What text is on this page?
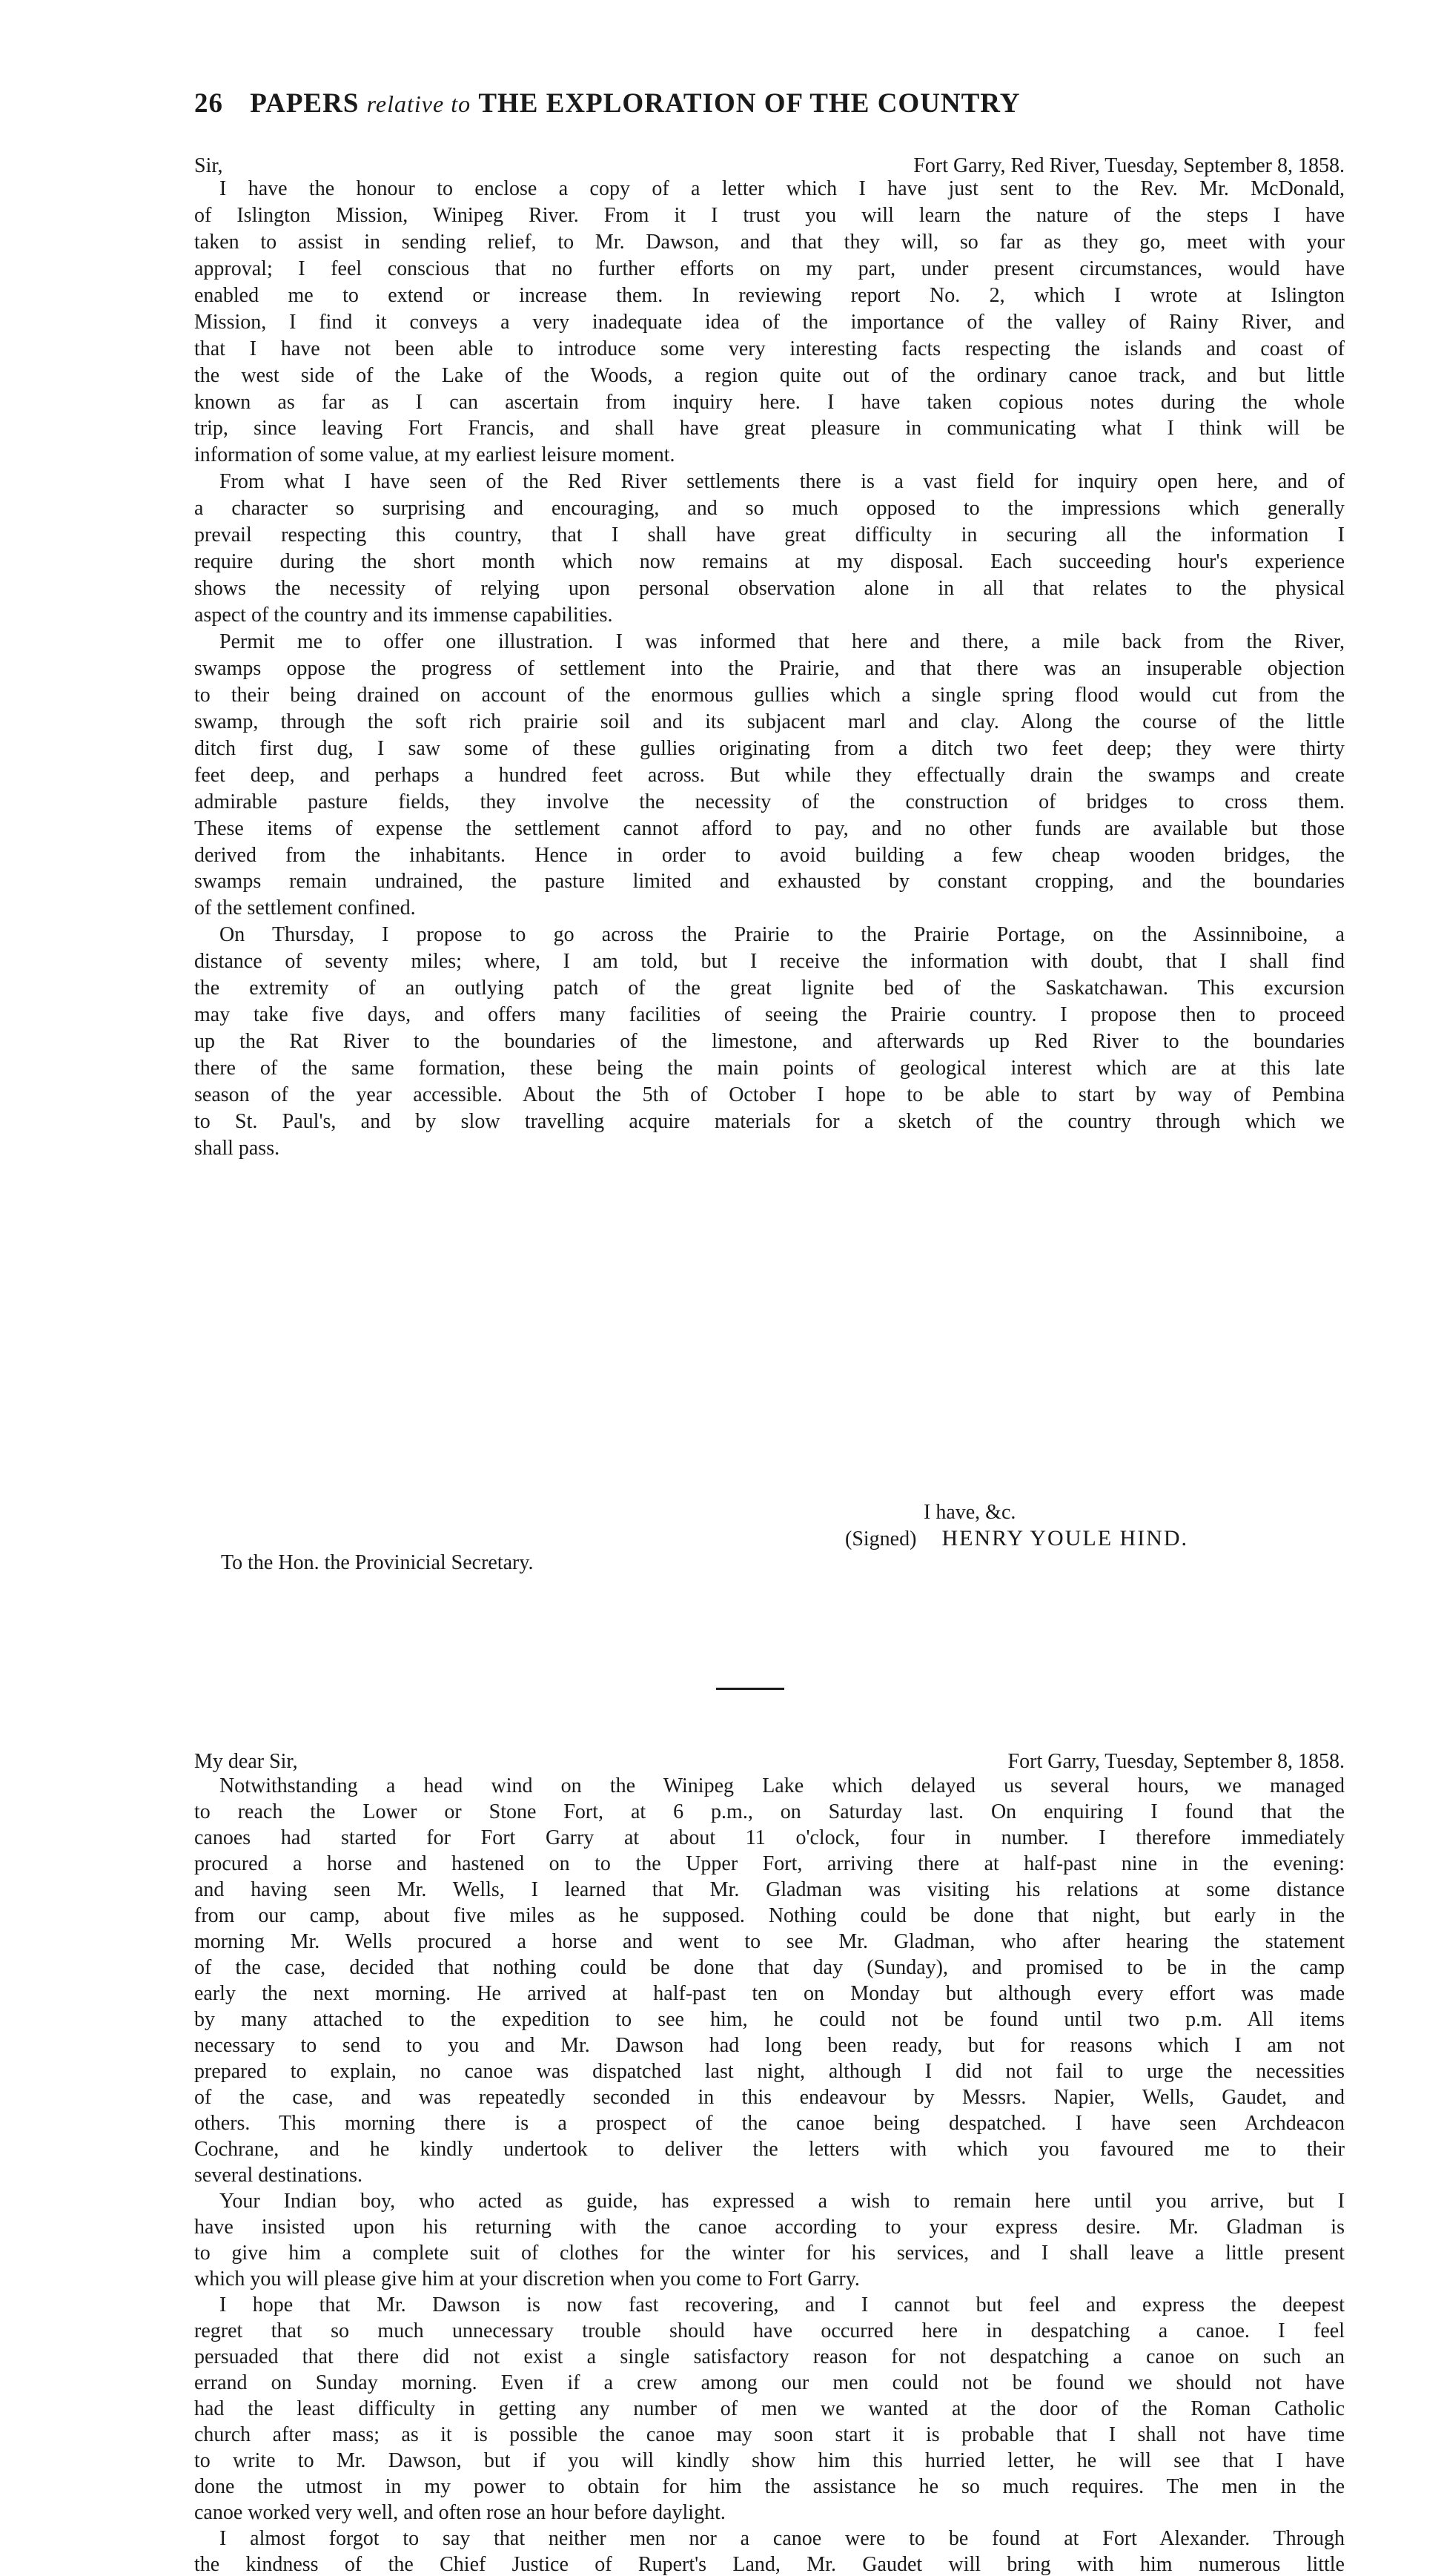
26 PAPERS relative to THE EXPLORATION OF THE COUNTRY
Sir,	Fort Garry, Red River, Tuesday, September 8, 1858.
I have the honour to enclose a copy of a letter which I have just sent to the Rev. Mr. McDonald,
of Islington Mission, Winipeg River. From it I trust you will learn the nature of the steps I have
taken to assist in sending relief, to Mr. Dawson, and that they will, so far as they go, meet with your
approval; I feel conscious that no further efforts on my part, under present circumstances, would have
enabled me to extend or increase them. In reviewing report No. 2, which I wrote at Islington
Mission, I find it conveys a very inadequate idea of the importance of the valley of Rainy River, and
that I have not been able to introduce some very interesting facts respecting the islands and coast of
the west side of the Lake of the Woods, a region quite out of the ordinary canoe track, and but little
known as far as I can ascertain from inquiry here. I have taken copious notes during the whole
trip, since leaving Fort Francis, and shall have great pleasure in communicating what I think will be
information of some value, at my earliest leisure moment.
From what I have seen of the Red River settlements there is a vast field for inquiry open here, and of
a character so surprising and encouraging, and so much opposed to the impressions which generally
prevail respecting this country, that I shall have great difficulty in securing all the information I
require during the short month which now remains at my disposal. Each succeeding hour's experience
shows the necessity of relying upon personal observation alone in all that relates to the physical
aspect of the country and its immense capabilities.
Permit me to offer one illustration. I was informed that here and there, a mile back from the River,
swamps oppose the progress of settlement into the Prairie, and that there was an insuperable objection
to their being drained on account of the enormous gullies which a single spring flood would cut from the
swamp, through the soft rich prairie soil and its subjacent marl and clay. Along the course of the little
ditch first dug, I saw some of these gullies originating from a ditch two feet deep; they were thirty
feet deep, and perhaps a hundred feet across. But while they effectually drain the swamps and create
admirable pasture fields, they involve the necessity of the construction of bridges to cross them.
These items of expense the settlement cannot afford to pay, and no other funds are available but those
derived from the inhabitants. Hence in order to avoid building a few cheap wooden bridges, the
swamps remain undrained, the pasture limited and exhausted by constant cropping, and the boundaries
of the settlement confined.
On Thursday, I propose to go across the Prairie to the Prairie Portage, on the Assinniboine, a
distance of seventy miles; where, I am told, but I receive the information with doubt, that I shall find
the extremity of an outlying patch of the great lignite bed of the Saskatchawan. This excursion
may take five days, and offers many facilities of seeing the Prairie country. I propose then to proceed
up the Rat River to the boundaries of the limestone, and afterwards up Red River to the boundaries
there of the same formation, these being the main points of geological interest which are at this late
season of the year accessible. About the 5th of October I hope to be able to start by way of Pembina
to St. Paul's, and by slow travelling acquire materials for a sketch of the country through which we
shall pass.
I have, &c.
(Signed) HENRY YOULE HIND.
To the Hon. the Provinicial Secretary.
My dear Sir,	Fort Garry, Tuesday, September 8, 1858.
Notwithstanding a head wind on the Winipeg Lake which delayed us several hours, we managed
to reach the Lower or Stone Fort, at 6 p.m., on Saturday last. On enquiring I found that the
canoes had started for Fort Garry at about 11 o'clock, four in number. I therefore immediately
procured a horse and hastened on to the Upper Fort, arriving there at half-past nine in the evening:
and having seen Mr. Wells, I learned that Mr. Gladman was visiting his relations at some distance
from our camp, about five miles as he supposed. Nothing could be done that night, but early in the
morning Mr. Wells procured a horse and went to see Mr. Gladman, who after hearing the statement
of the case, decided that nothing could be done that day (Sunday), and promised to be in the camp
early the next morning. He arrived at half-past ten on Monday but although every effort was made
by many attached to the expedition to see him, he could not be found until two p.m. All items
necessary to send to you and Mr. Dawson had long been ready, but for reasons which I am not
prepared to explain, no canoe was dispatched last night, although I did not fail to urge the necessities
of the case, and was repeatedly seconded in this endeavour by Messrs. Napier, Wells, Gaudet, and
others. This morning there is a prospect of the canoe being despatched. I have seen Archdeacon
Cochrane, and he kindly undertook to deliver the letters with which you favoured me to their
several destinations.
Your Indian boy, who acted as guide, has expressed a wish to remain here until you arrive, but I
have insisted upon his returning with the canoe according to your express desire. Mr. Gladman is
to give him a complete suit of clothes for the winter for his services, and I shall leave a little present
which you will please give him at your discretion when you come to Fort Garry.
I hope that Mr. Dawson is now fast recovering, and I cannot but feel and express the deepest
regret that so much unnecessary trouble should have occurred here in despatching a canoe. I feel
persuaded that there did not exist a single satisfactory reason for not despatching a canoe on such an
errand on Sunday morning. Even if a crew among our men could not be found we should not have
had the least difficulty in getting any number of men we wanted at the door of the Roman Catholic
church after mass; as it is possible the canoe may soon start it is probable that I shall not have time
to write to Mr. Dawson, but if you will kindly show him this hurried letter, he will see that I have
done the utmost in my power to obtain for him the assistance he so much requires. The men in the
canoe worked very well, and often rose an hour before daylight.
I almost forgot to say that neither men nor a canoe were to be found at Fort Alexander. Through
the kindness of the Chief Justice of Rupert's Land, Mr. Gaudet will bring with him numerous little
